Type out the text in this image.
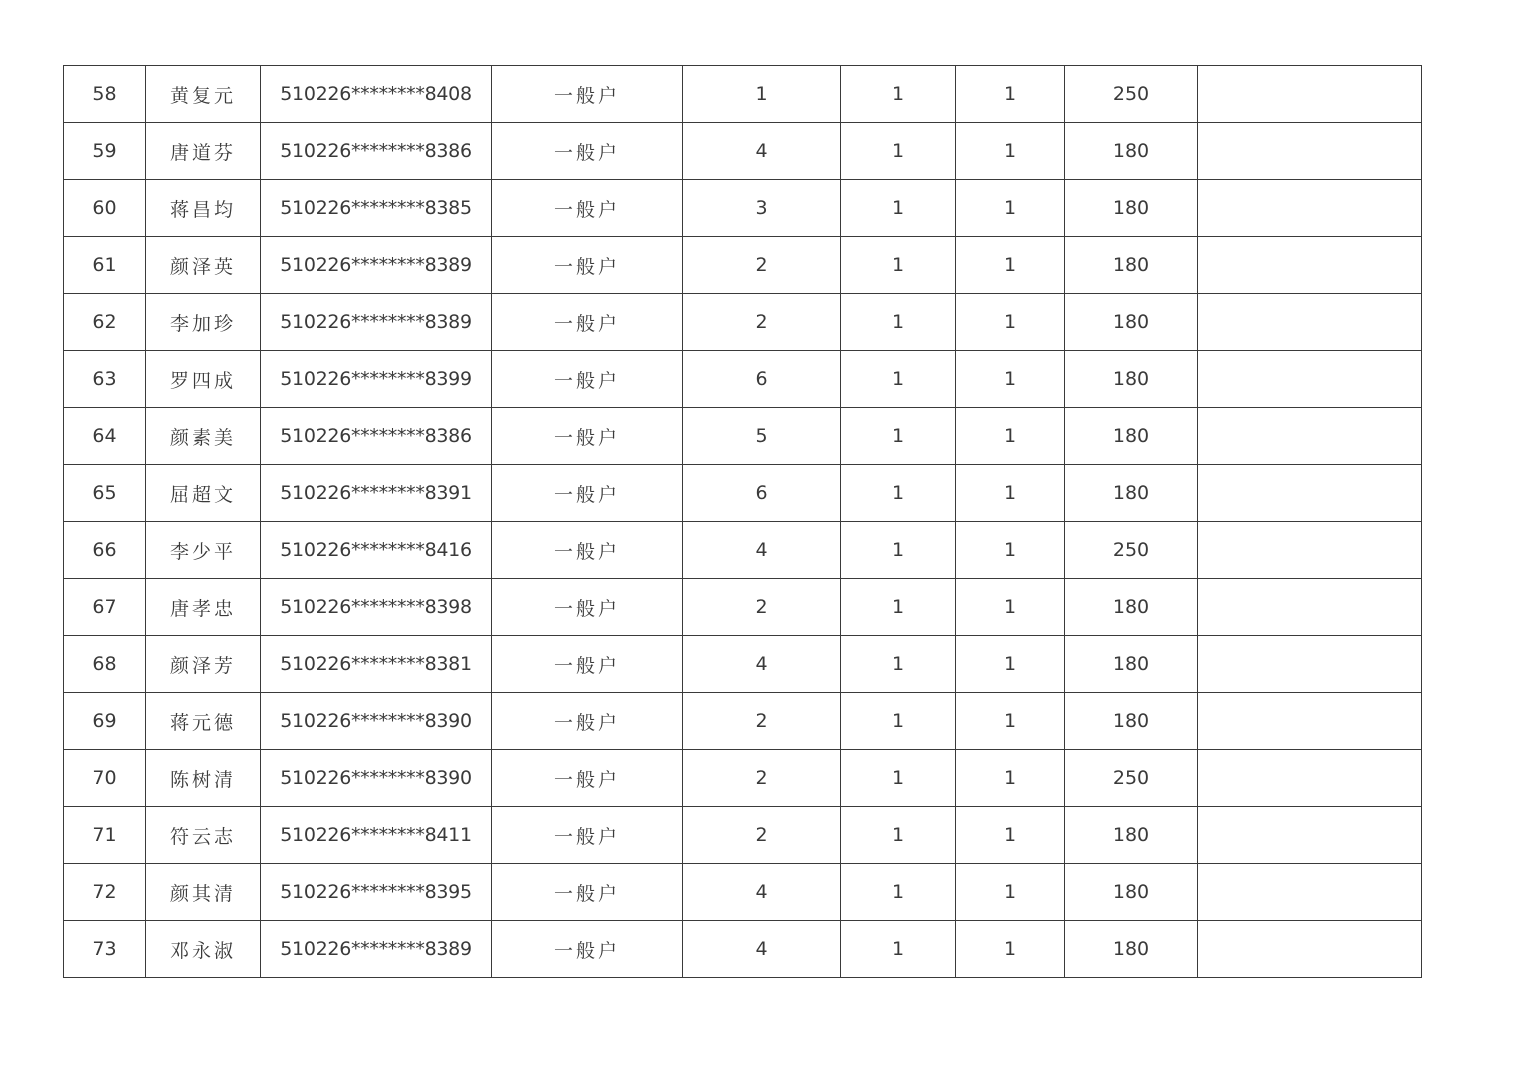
58	黄复元	510226********8408	一般户	1	1	1	250	
59	唐道芬	510226********8386	一般户	4	1	1	180	
60	蒋昌均	510226********8385	一般户	3	1	1	180	
61	颜泽英	510226********8389	一般户	2	1	1	180	
62	李加珍	510226********8389	一般户	2	1	1	180	
63	罗四成	510226********8399	一般户	6	1	1	180	
64	颜素美	510226********8386	一般户	5	1	1	180	
65	屈超文	510226********8391	一般户	6	1	1	180	
66	李少平	510226********8416	一般户	4	1	1	250	
67	唐孝忠	510226********8398	一般户	2	1	1	180	
68	颜泽芳	510226********8381	一般户	4	1	1	180	
69	蒋元德	510226********8390	一般户	2	1	1	180	
70	陈树清	510226********8390	一般户	2	1	1	250	
71	符云志	510226********8411	一般户	2	1	1	180	
72	颜其清	510226********8395	一般户	4	1	1	180	
73	邓永淑	510226********8389	一般户	4	1	1	180	
